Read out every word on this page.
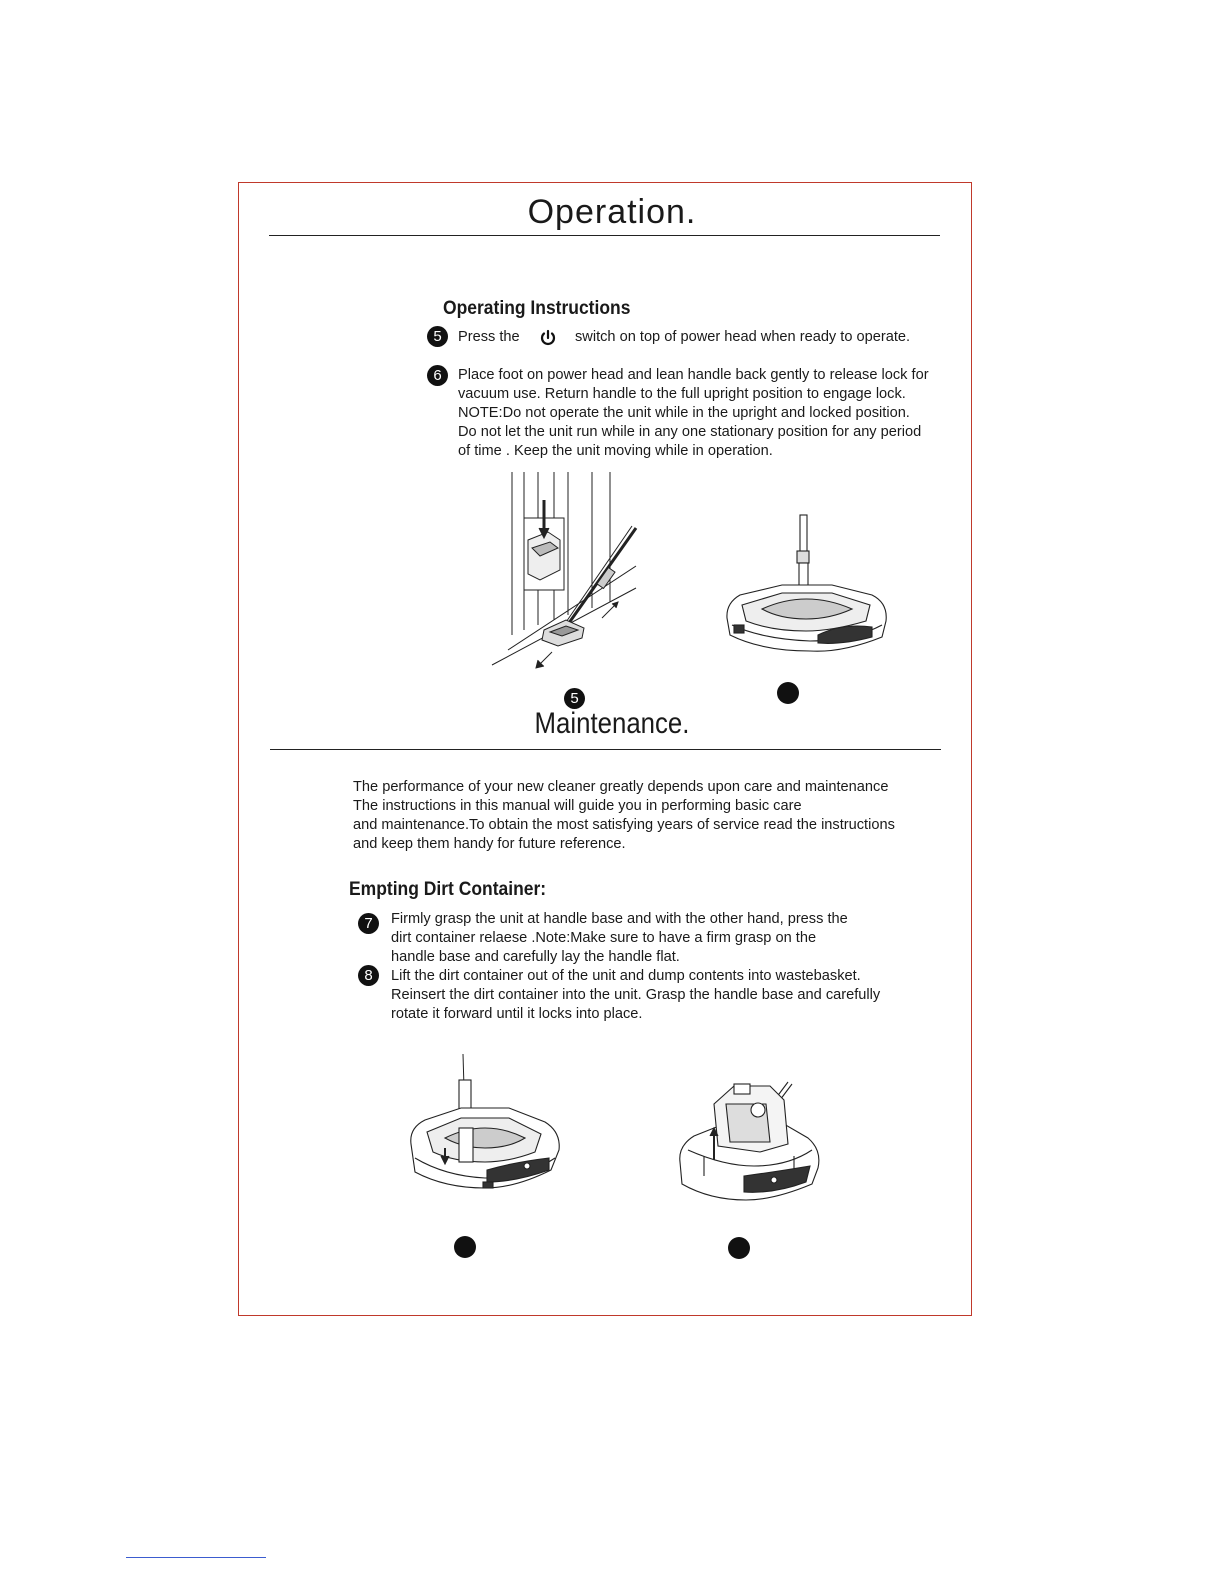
Operation.
Operating Instructions
5	Press the	switch on top of power head when ready to operate.
6	Place foot on power head and lean handle back gently to release lock for
vacuum use. Return handle to the full upright position to engage lock.
NOTE:Do not operate the unit while in the upright and locked position.
Do not let the unit run while in any one stationary position for any period
of time . Keep the unit moving while in operation.
5
Maintenance.
The performance of your new cleaner greatly depends upon care and maintenance
The instructions in this manual will guide you in performing basic care
and maintenance.To obtain the most satisfying years of service read the instructions
and keep them handy for future reference.
Empting Dirt Container:
7	Firmly grasp the unit at handle base and with the other hand, press the
dirt container relaese .Note:Make sure to have a firm grasp on the
handle base and carefully lay the handle flat.
8	Lift the dirt container out of the unit and dump contents into wastebasket.
Reinsert the dirt container into the unit. Grasp the handle base and carefully
rotate it forward until it locks into place.
